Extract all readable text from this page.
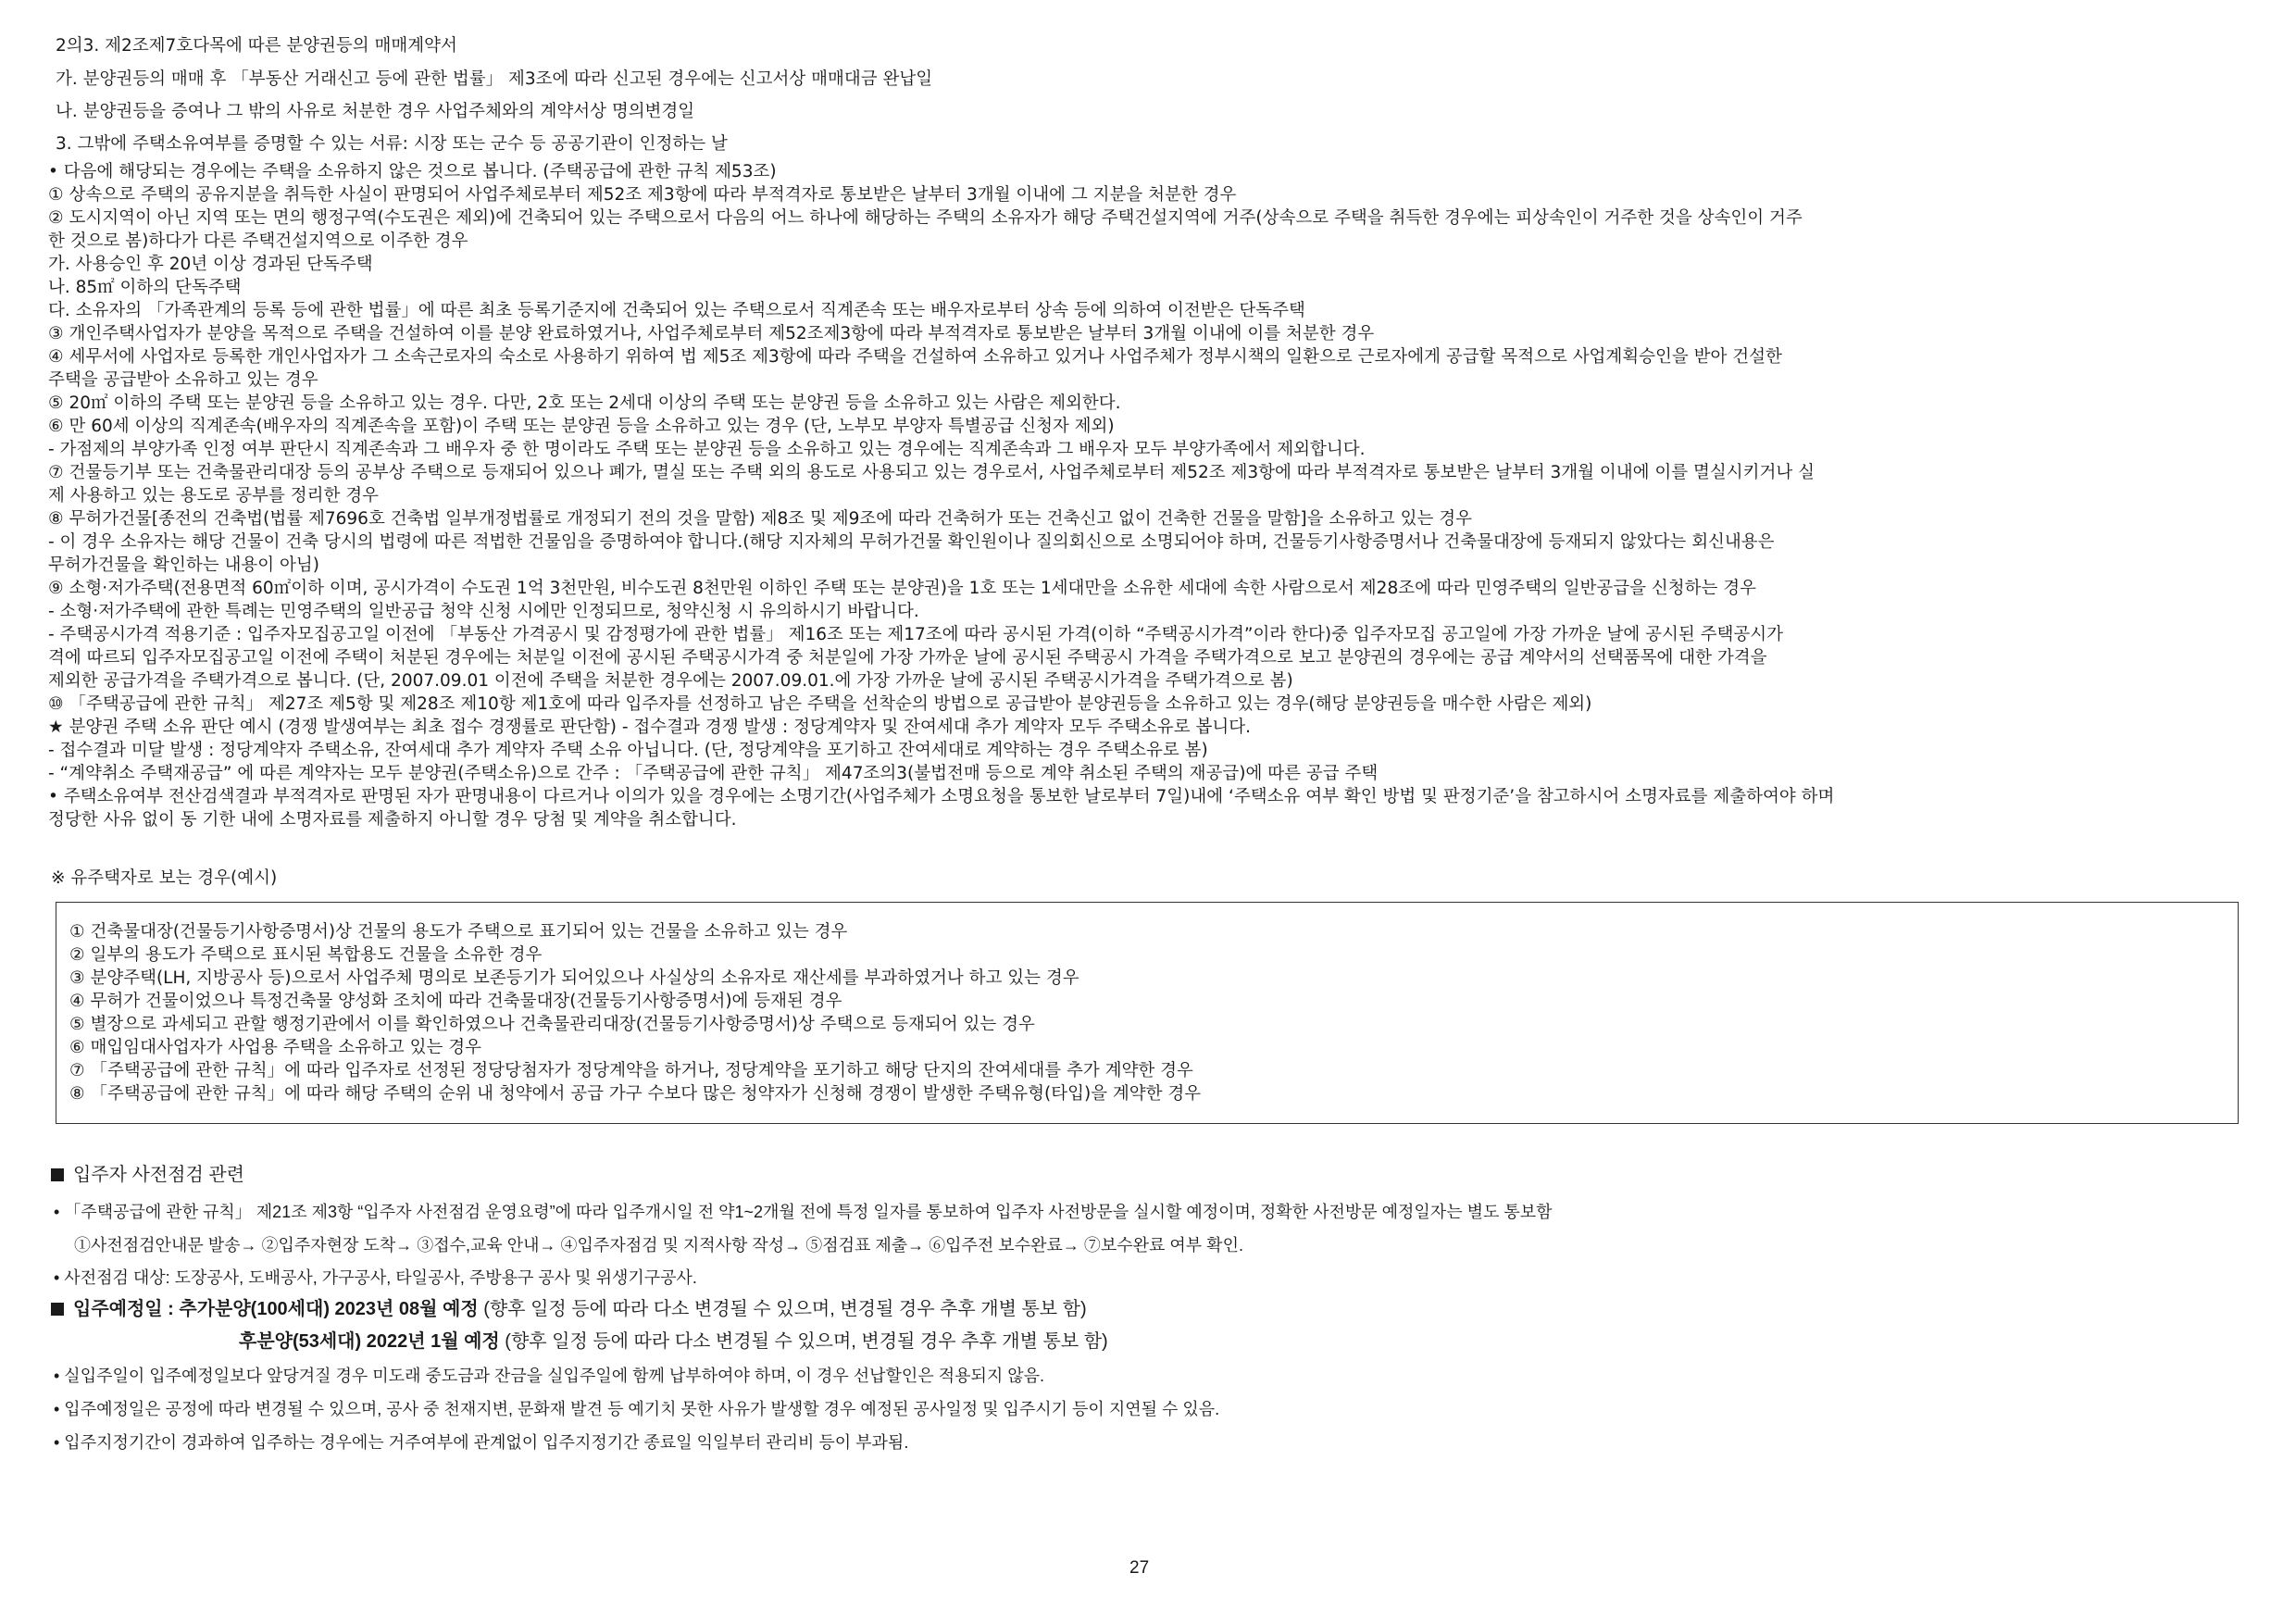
2의3. 제2조제7호다목에 따른 분양권등의 매매계약서
가. 분양권등의 매매 후 「부동산 거래신고 등에 관한 법률」 제3조에 따라 신고된 경우에는 신고서상 매매대금 완납일
나. 분양권등을 증여나 그 밖의 사유로 처분한 경우 사업주체와의 계약서상 명의변경일
3. 그밖에 주택소유여부를 증명할 수 있는 서류: 시장 또는 군수 등 공공기관이 인정하는 날
• 다음에 해당되는 경우에는 주택을 소유하지 않은 것으로 봅니다. (주택공급에 관한 규칙 제53조)
① 상속으로 주택의 공유지분을 취득한 사실이 판명되어 사업주체로부터 제52조 제3항에 따라 부적격자로 통보받은 날부터 3개월 이내에 그 지분을 처분한 경우
② 도시지역이 아닌 지역 또는 면의 행정구역(수도권은 제외)에 건축되어 있는 주택으로서 다음의 어느 하나에 해당하는 주택의 소유자가 해당 주택건설지역에 거주(상속으로 주택을 취득한 경우에는 피상속인이 거주한 것을 상속인이 거주
한 것으로 봄)하다가 다른 주택건설지역으로 이주한 경우
가. 사용승인 후 20년 이상 경과된 단독주택
나. 85㎡ 이하의 단독주택
다. 소유자의 「가족관계의 등록 등에 관한 법률」에 따른 최초 등록기준지에 건축되어 있는 주택으로서 직계존속 또는 배우자로부터 상속 등에 의하여 이전받은 단독주택
③ 개인주택사업자가 분양을 목적으로 주택을 건설하여 이를 분양 완료하였거나, 사업주체로부터 제52조제3항에 따라 부적격자로 통보받은 날부터 3개월 이내에 이를 처분한 경우
④ 세무서에 사업자로 등록한 개인사업자가 그 소속근로자의 숙소로 사용하기 위하여 법 제5조 제3항에 따라 주택을 건설하여 소유하고 있거나 사업주체가 정부시책의 일환으로 근로자에게 공급할 목적으로 사업계획승인을 받아 건설한
주택을 공급받아 소유하고 있는 경우
⑤ 20㎡ 이하의 주택 또는 분양권 등을 소유하고 있는 경우. 다만, 2호 또는 2세대 이상의 주택 또는 분양권 등을 소유하고 있는 사람은 제외한다.
⑥ 만 60세 이상의 직계존속(배우자의 직계존속을 포함)이 주택 또는 분양권 등을 소유하고 있는 경우 (단, 노부모 부양자 특별공급 신청자 제외)
- 가점제의 부양가족 인정 여부 판단시 직계존속과 그 배우자 중 한 명이라도 주택 또는 분양권 등을 소유하고 있는 경우에는 직계존속과 그 배우자 모두 부양가족에서 제외합니다.
⑦ 건물등기부 또는 건축물관리대장 등의 공부상 주택으로 등재되어 있으나 폐가, 멸실 또는 주택 외의 용도로 사용되고 있는 경우로서, 사업주체로부터 제52조 제3항에 따라 부적격자로 통보받은 날부터 3개월 이내에 이를 멸실시키거나 실
제 사용하고 있는 용도로 공부를 정리한 경우
⑧ 무허가건물[종전의 건축법(법률 제7696호 건축법 일부개정법률로 개정되기 전의 것을 말함) 제8조 및 제9조에 따라 건축허가 또는 건축신고 없이 건축한 건물을 말함]을 소유하고 있는 경우
- 이 경우 소유자는 해당 건물이 건축 당시의 법령에 따른 적법한 건물임을 증명하여야 합니다.(해당 지자체의 무허가건물 확인원이나 질의회신으로 소명되어야 하며, 건물등기사항증명서나 건축물대장에 등재되지 않았다는 회신내용은
무허가건물을 확인하는 내용이 아님)
⑨ 소형·저가주택(전용면적 60㎡이하 이며, 공시가격이 수도권 1억 3천만원, 비수도권 8천만원 이하인 주택 또는 분양권)을 1호 또는 1세대만을 소유한 세대에 속한 사람으로서 제28조에 따라 민영주택의 일반공급을 신청하는 경우
- 소형·저가주택에 관한 특례는 민영주택의 일반공급 청약 신청 시에만 인정되므로, 청약신청 시 유의하시기 바랍니다.
- 주택공시가격 적용기준 : 입주자모집공고일 이전에 「부동산 가격공시 및 감정평가에 관한 법률」 제16조 또는 제17조에 따라 공시된 가격(이하 “주택공시가격”이라 한다)중 입주자모집 공고일에 가장 가까운 날에 공시된 주택공시가
격에 따르되 입주자모집공고일 이전에 주택이 처분된 경우에는 처분일 이전에 공시된 주택공시가격 중 처분일에 가장 가까운 날에 공시된 주택공시 가격을 주택가격으로 보고 분양권의 경우에는 공급 계약서의 선택품목에 대한 가격을
제외한 공급가격을 주택가격으로 봅니다. (단, 2007.09.01 이전에 주택을 처분한 경우에는 2007.09.01.에 가장 가까운 날에 공시된 주택공시가격을 주택가격으로 봄)
⑩ 「주택공급에 관한 규칙」 제27조 제5항 및 제28조 제10항 제1호에 따라 입주자를 선정하고 남은 주택을 선착순의 방법으로 공급받아 분양권등을 소유하고 있는 경우(해당 분양권등을 매수한 사람은 제외)
★ 분양권 주택 소유 판단 예시 (경쟁 발생여부는 최초 접수 경쟁률로 판단함) - 접수결과 경쟁 발생 : 정당계약자 및 잔여세대 추가 계약자 모두 주택소유로 봅니다.
- 접수결과 미달 발생 : 정당계약자 주택소유, 잔여세대 추가 계약자 주택 소유 아닙니다. (단, 정당계약을 포기하고 잔여세대로 계약하는 경우 주택소유로 봄)
- “계약취소 주택재공급” 에 따른 계약자는 모두 분양권(주택소유)으로 간주 : 「주택공급에 관한 규칙」 제47조의3(불법전매 등으로 계약 취소된 주택의 재공급)에 따른 공급 주택
• 주택소유여부 전산검색결과 부적격자로 판명된 자가 판명내용이 다르거나 이의가 있을 경우에는 소명기간(사업주체가 소명요청을 통보한 날로부터 7일)내에 ‘주택소유 여부 확인 방법 및 판정기준’을 참고하시어 소명자료를 제출하여야 하며
정당한 사유 없이 동 기한 내에 소명자료를 제출하지 아니할 경우 당첨 및 계약을 취소합니다.
※ 유주택자로 보는 경우(예시)
① 건축물대장(건물등기사항증명서)상 건물의 용도가 주택으로 표기되어 있는 건물을 소유하고 있는 경우
② 일부의 용도가 주택으로 표시된 복합용도 건물을 소유한 경우
③ 분양주택(LH, 지방공사 등)으로서 사업주체 명의로 보존등기가 되어있으나 사실상의 소유자로 재산세를 부과하였거나 하고 있는 경우
④ 무허가 건물이었으나 특정건축물 양성화 조치에 따라 건축물대장(건물등기사항증명서)에 등재된 경우
⑤ 별장으로 과세되고 관할 행정기관에서 이를 확인하였으나 건축물관리대장(건물등기사항증명서)상 주택으로 등재되어 있는 경우
⑥ 매입임대사업자가 사업용 주택을 소유하고 있는 경우
⑦ 「주택공급에 관한 규칙」에 따라 입주자로 선정된 정당당첨자가 정당계약을 하거나, 정당계약을 포기하고 해당 단지의 잔여세대를 추가 계약한 경우
⑧ 「주택공급에 관한 규칙」에 따라 해당 주택의 순위 내 청약에서 공급 가구 수보다 많은 청약자가 신청해 경쟁이 발생한 주택유형(타입)을 계약한 경우
입주자 사전점검 관련
• 「주택공급에 관한 규칙」 제21조 제3항 “입주자 사전점검 운영요령”에 따라 입주개시일 전 약1~2개월 전에 특정 일자를 통보하여 입주자 사전방문을 실시할 예정이며, 정확한 사전방문 예정일자는 별도 통보함
①사전점검안내문 발송→ ②입주자현장 도착→ ③접수,교육 안내→ ④입주자점검 및 지적사항 작성→ ⑤점검표 제출→ ⑥입주전 보수완료→ ⑦보수완료 여부 확인.
• 사전점검 대상: 도장공사, 도배공사, 가구공사, 타일공사, 주방용구 공사 및 위생기구공사.
입주예정일 : 추가분양(100세대) 2023년 08월 예정 (향후 일정 등에 따라 다소 변경될 수 있으며, 변경될 경우 추후 개별 통보 함)
후분양(53세대) 2022년 1월 예정 (향후 일정 등에 따라 다소 변경될 수 있으며, 변경될 경우 추후 개별 통보 함)
• 실입주일이 입주예정일보다 앞당겨질 경우 미도래 중도금과 잔금을 실입주일에 함께 납부하여야 하며, 이 경우 선납할인은 적용되지 않음.
• 입주예정일은 공정에 따라 변경될 수 있으며, 공사 중 천재지변, 문화재 발견 등 예기치 못한 사유가 발생할 경우 예정된 공사일정 및 입주시기 등이 지연될 수 있음.
• 입주지정기간이 경과하여 입주하는 경우에는 거주여부에 관계없이 입주지정기간 종료일 익일부터 관리비 등이 부과됨.
27
